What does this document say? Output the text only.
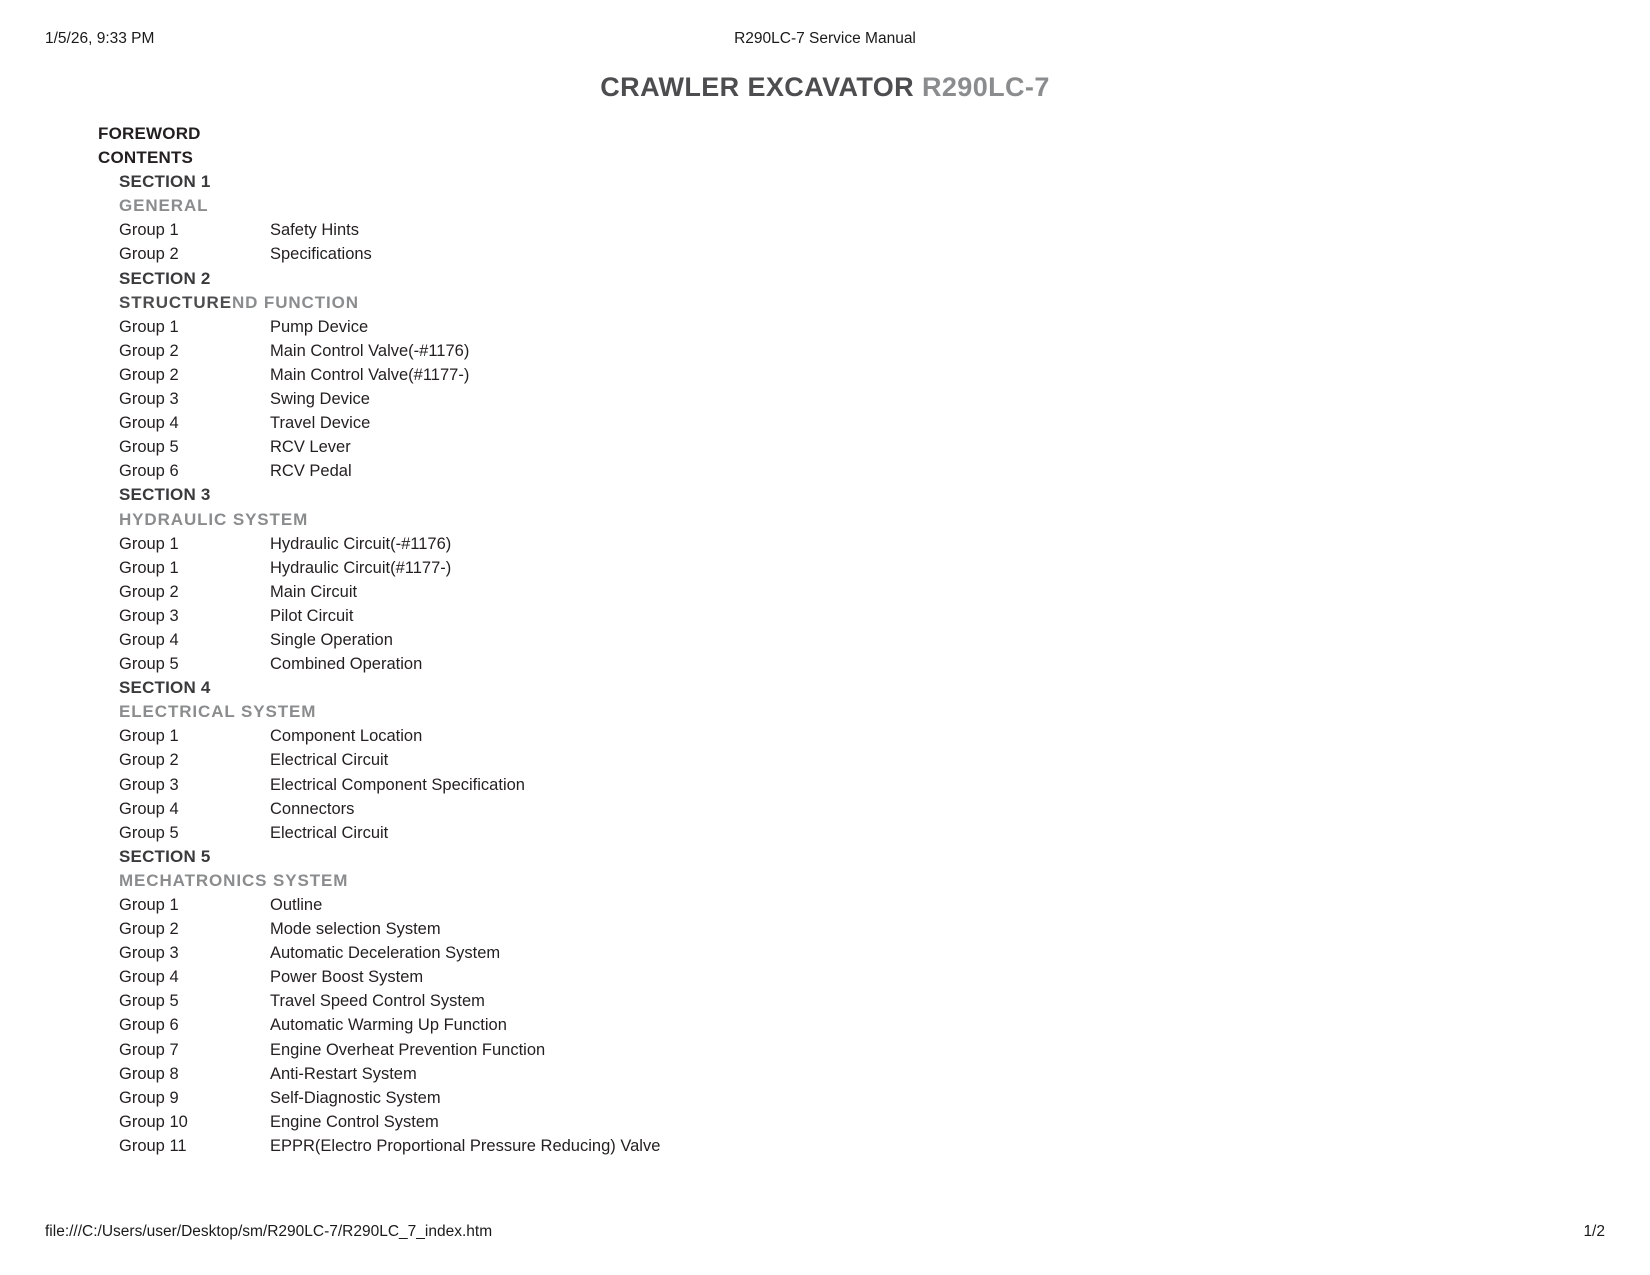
1/5/26, 9:33 PM	R290LC-7 Service Manual
CRAWLER EXCAVATOR R290LC-7
FOREWORD
CONTENTS
SECTION 1
GENERAL
Group 1	Safety Hints
Group 2	Specifications
SECTION 2
STRUCTUREND FUNCTION
Group 1	Pump Device
Group 2	Main Control Valve(-#1176)
Group 2	Main Control Valve(#1177-)
Group 3	Swing Device
Group 4	Travel Device
Group 5	RCV Lever
Group 6	RCV Pedal
SECTION 3
HYDRAULIC SYSTEM
Group 1	Hydraulic Circuit(-#1176)
Group 1	Hydraulic Circuit(#1177-)
Group 2	Main Circuit
Group 3	Pilot Circuit
Group 4	Single Operation
Group 5	Combined Operation
SECTION 4
ELECTRICAL SYSTEM
Group 1	Component Location
Group 2	Electrical Circuit
Group 3	Electrical Component Specification
Group 4	Connectors
Group 5	Electrical Circuit
SECTION 5
MECHATRONICS SYSTEM
Group 1	Outline
Group 2	Mode selection System
Group 3	Automatic Deceleration System
Group 4	Power Boost System
Group 5	Travel Speed Control System
Group 6	Automatic Warming Up Function
Group 7	Engine Overheat Prevention Function
Group 8	Anti-Restart System
Group 9	Self-Diagnostic System
Group 10	Engine Control System
Group 11	EPPR(Electro Proportional Pressure Reducing) Valve
file:///C:/Users/user/Desktop/sm/R290LC-7/R290LC_7_index.htm	1/2
